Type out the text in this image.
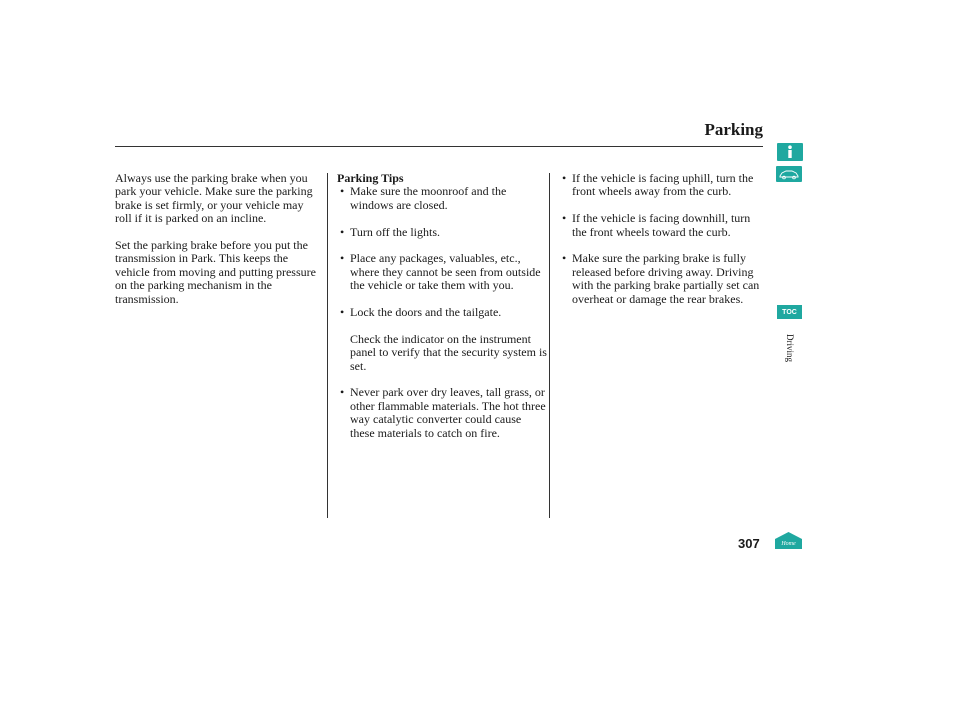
Parking

Always use the parking brake when you park your vehicle. Make sure the parking brake is set firmly, or your vehicle may roll if it is parked on an incline.

Set the parking brake before you put the transmission in Park. This keeps the vehicle from moving and putting pressure on the parking mechanism in the transmission.

Parking Tips
• Make sure the moonroof and the windows are closed.
• Turn off the lights.
• Place any packages, valuables, etc., where they cannot be seen from outside the vehicle or take them with you.
• Lock the doors and the tailgate.
Check the indicator on the instrument panel to verify that the security system is set.
• Never park over dry leaves, tall grass, or other flammable materials. The hot three way catalytic converter could cause these materials to catch on fire.
• If the vehicle is facing uphill, turn the front wheels away from the curb.
• If the vehicle is facing downhill, turn the front wheels toward the curb.
• Make sure the parking brake is fully released before driving away. Driving with the parking brake partially set can overheat or damage the rear brakes.
TOC
Driving
307	Home
